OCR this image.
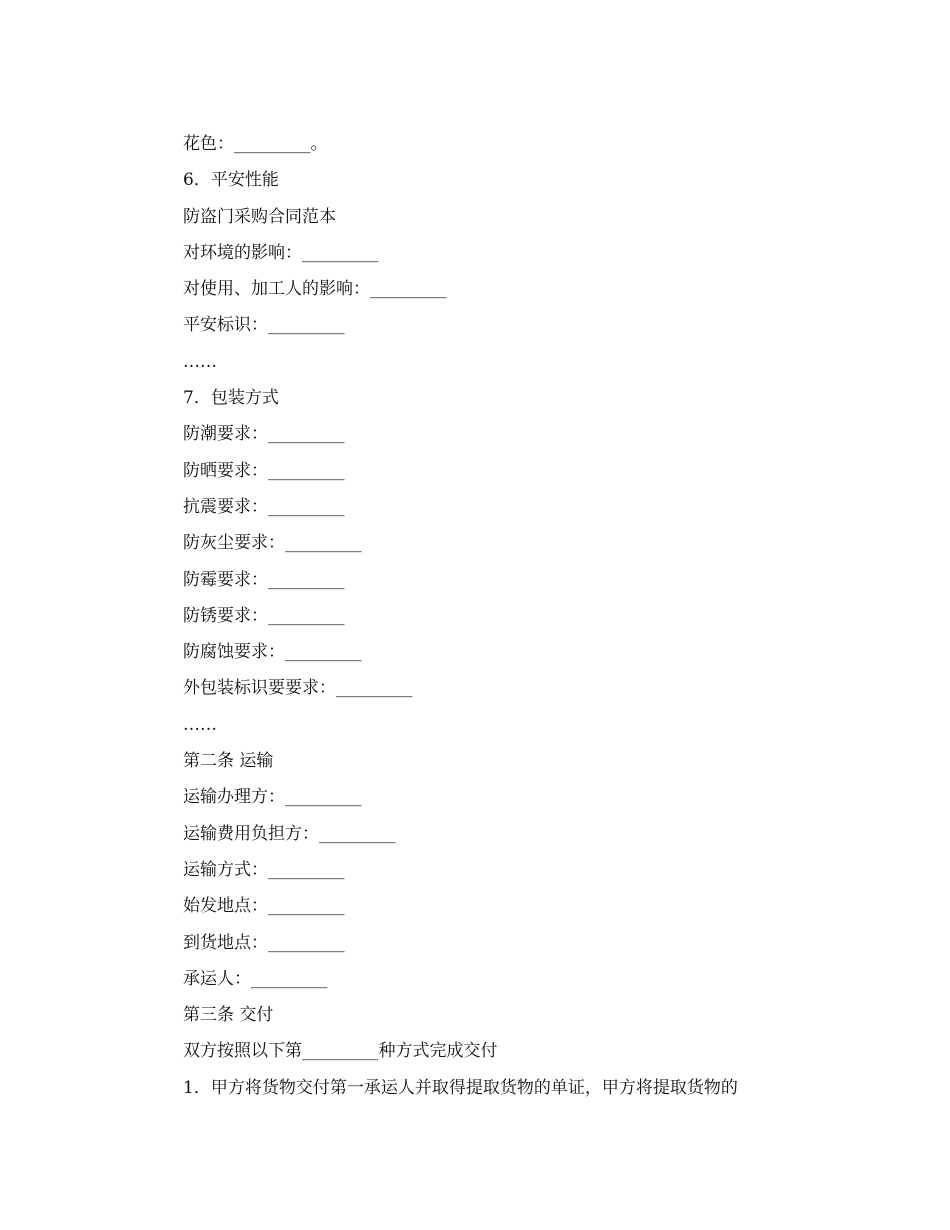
花色：_________。
6．平安性能
防盗门采购合同范本
对环境的影响：_________
对使用、加工人的影响：_________
平安标识：_________
……
7．包装方式
防潮要求：_________
防晒要求：_________
抗震要求：_________
防灰尘要求：_________
防霉要求：_________
防锈要求：_________
防腐蚀要求：_________
外包装标识要要求：_________
……
第二条 运输
运输办理方：_________
运输费用负担方：_________
运输方式：_________
始发地点：_________
到货地点：_________
承运人：_________
第三条 交付
双方按照以下第_________种方式完成交付
1．甲方将货物交付第一承运人并取得提取货物的单证，甲方将提取货物的
